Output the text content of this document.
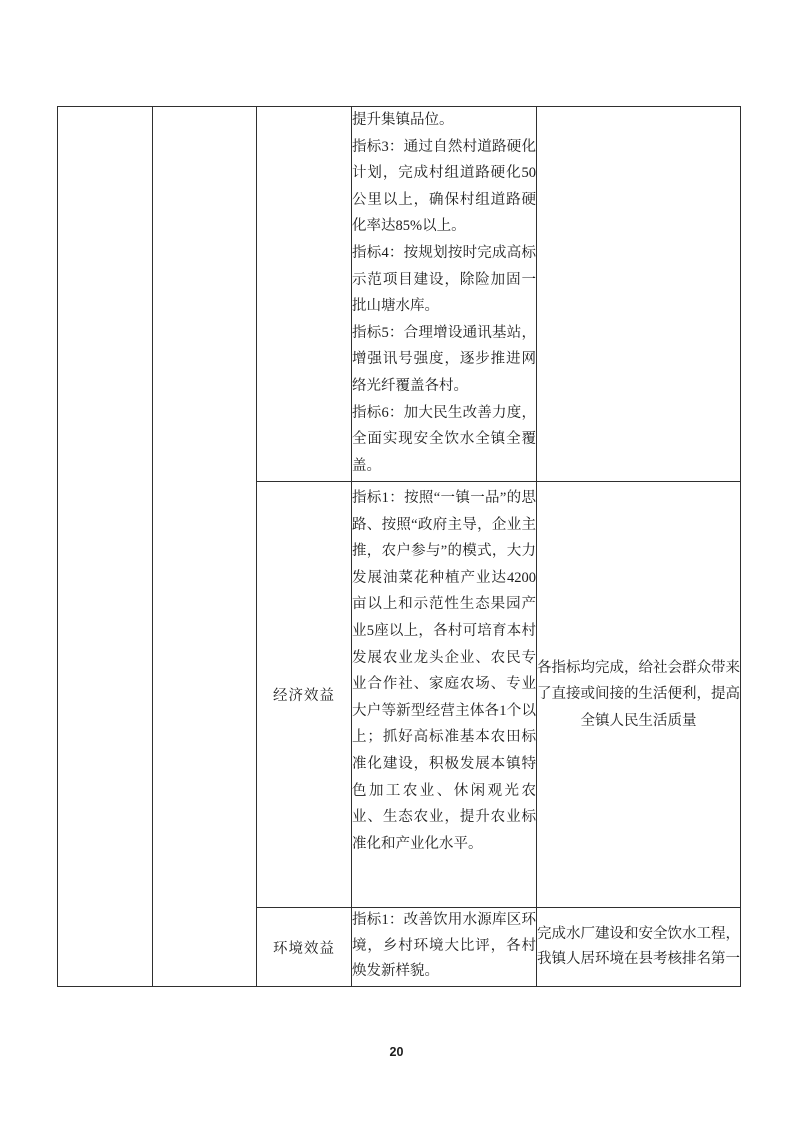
			提升集镇品位。

指标3：通过自然村道路硬化计划，完成村组道路硬化50公里以上，确保村组道路硬化率达85%以上。

指标4：按规划按时完成高标示范项目建设，除险加固一批山塘水库。

指标5：合理增设通讯基站，增强讯号强度，逐步推进网络光纤覆盖各村。

指标6：加大民生改善力度，全面实现安全饮水全镇全覆盖。	

		经济效益	指标1：按照“一镇一品”的思路、按照“政府主导，企业主推，农户参与”的模式，大力发展油菜花种植产业达4200亩以上和示范性生态果园产业5座以上，各村可培育本村发展农业龙头企业、农民专业合作社、家庭农场、专业大户等新型经营主体各1个以上；抓好高标准基本农田标准化建设，积极发展本镇特色加工农业、休闲观光农业、生态农业，提升农业标准化和产业化水平。	各指标均完成，给社会群众带来了直接或间接的生活便利，提高全镇人民生活质量
		环境效益	指标1：改善饮用水源库区环境，乡村环境大比评，各村焕发新样貌。	完成水厂建设和安全饮水工程，我镇人居环境在县考核排名第一
20
